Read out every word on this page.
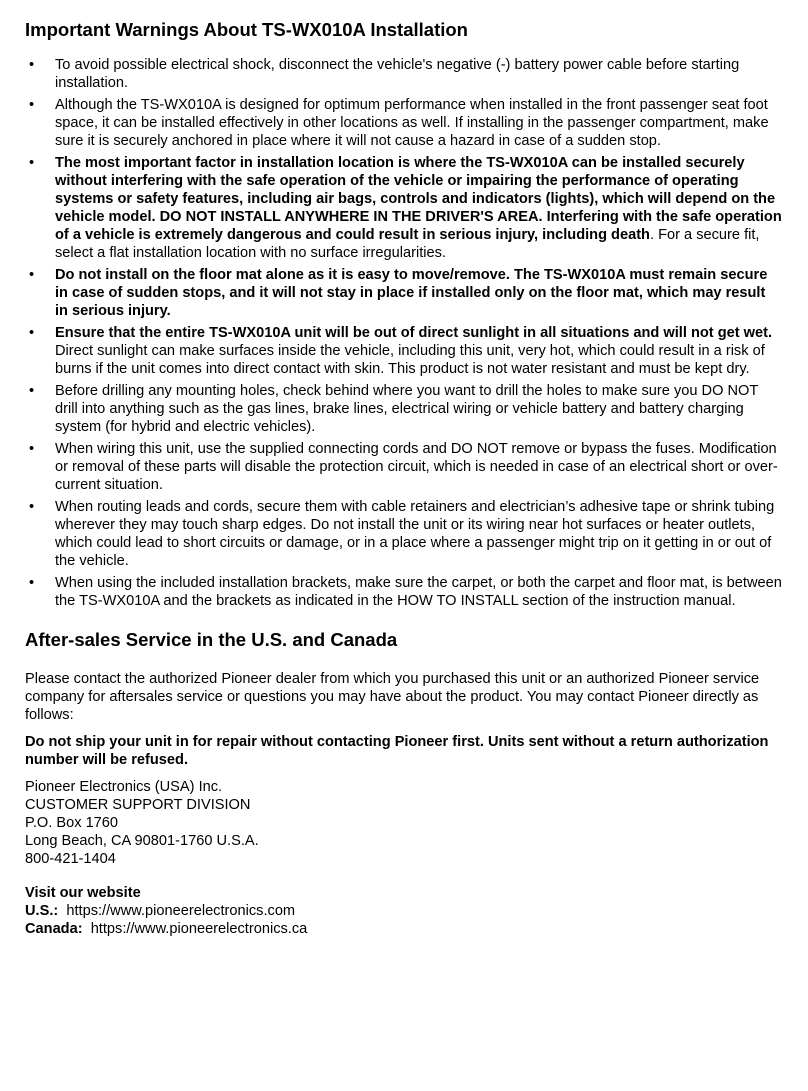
Important Warnings About TS-WX010A Installation
• To avoid possible electrical shock, disconnect the vehicle's negative (-) battery power cable before starting installation.
• Although the TS-WX010A is designed for optimum performance when installed in the front passenger seat foot space, it can be installed effectively in other locations as well. If installing in the passenger compartment, make sure it is securely anchored in place where it will not cause a hazard in case of a sudden stop.
• The most important factor in installation location is where the TS-WX010A can be installed securely without interfering with the safe operation of the vehicle or impairing the performance of operating systems or safety features, including air bags, controls and indicators (lights), which will depend on the vehicle model. DO NOT INSTALL ANYWHERE IN THE DRIVER'S AREA. Interfering with the safe operation of a vehicle is extremely dangerous and could result in serious injury, including death. For a secure fit, select a flat installation location with no surface irregularities.
• Do not install on the floor mat alone as it is easy to move/remove. The TS-WX010A must remain secure in case of sudden stops, and it will not stay in place if installed only on the floor mat, which may result in serious injury.
• Ensure that the entire TS-WX010A unit will be out of direct sunlight in all situations and will not get wet. Direct sunlight can make surfaces inside the vehicle, including this unit, very hot, which could result in a risk of burns if the unit comes into direct contact with skin. This product is not water resistant and must be kept dry.
• Before drilling any mounting holes, check behind where you want to drill the holes to make sure you DO NOT drill into anything such as the gas lines, brake lines, electrical wiring or vehicle battery and battery charging system (for hybrid and electric vehicles).
• When wiring this unit, use the supplied connecting cords and DO NOT remove or bypass the fuses. Modification or removal of these parts will disable the protection circuit, which is needed in case of an electrical short or over-current situation.
• When routing leads and cords, secure them with cable retainers and electrician’s adhesive tape or shrink tubing wherever they may touch sharp edges. Do not install the unit or its wiring near hot surfaces or heater outlets, which could lead to short circuits or damage, or in a place where a passenger might trip on it getting in or out of the vehicle.
• When using the included installation brackets, make sure the carpet, or both the carpet and floor mat, is between the TS-WX010A and the brackets as indicated in the HOW TO INSTALL section of the instruction manual.
After-sales Service in the U.S. and Canada

Please contact the authorized Pioneer dealer from which you purchased this unit or an authorized Pioneer service company for aftersales service or questions you may have about the product. You may contact Pioneer directly as follows:

Do not ship your unit in for repair without contacting Pioneer first. Units sent without a return authorization number will be refused.

Pioneer Electronics (USA) Inc.
CUSTOMER SUPPORT DIVISION
P.O. Box 1760
Long Beach, CA 90801-1760 U.S.A.
800-421-1404

Visit our website
U.S.: https://www.pioneerelectronics.com
Canada: https://www.pioneerelectronics.ca
